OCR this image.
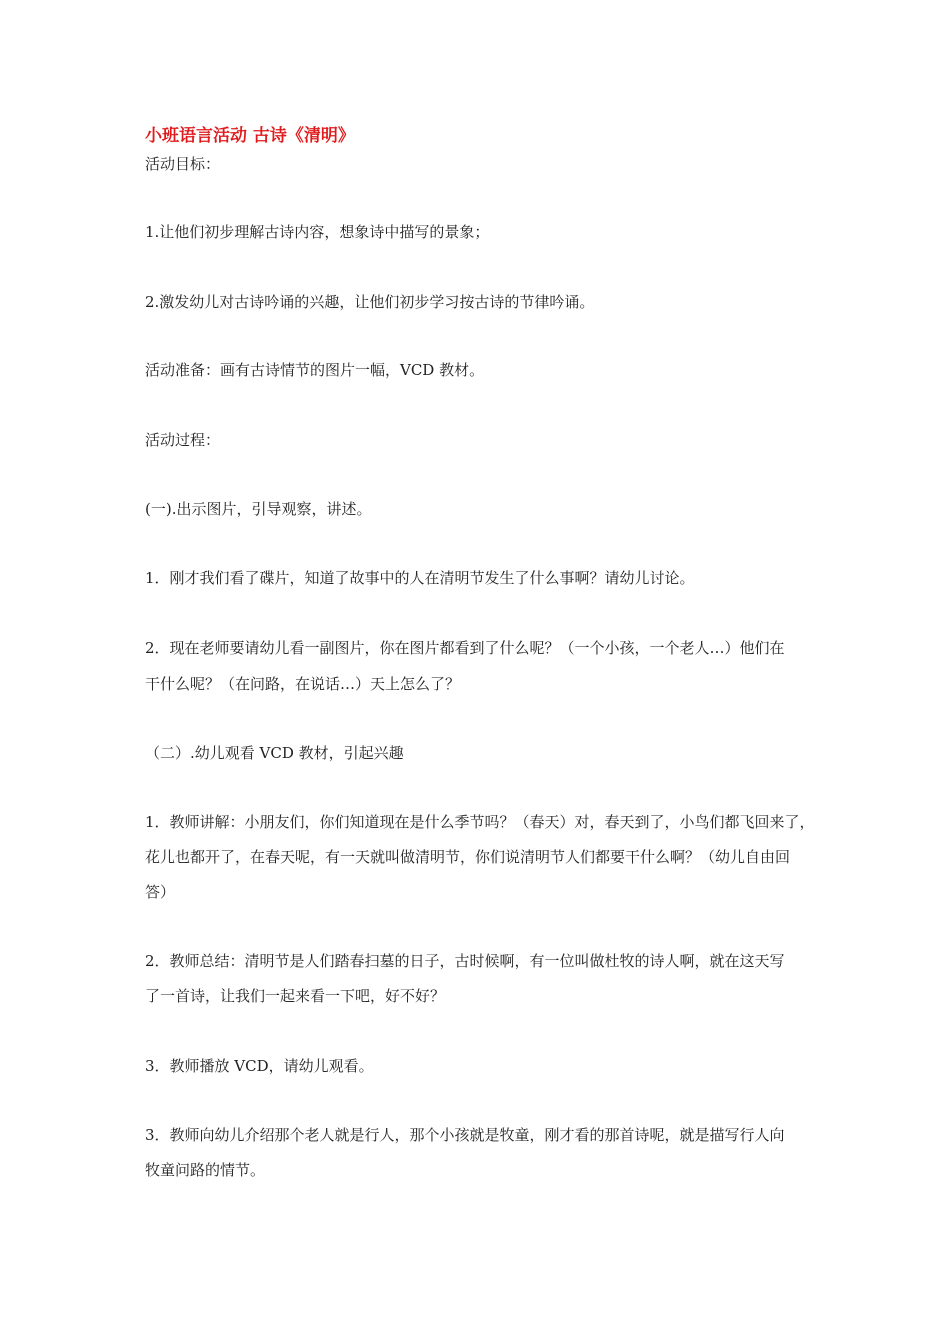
小班语言活动 古诗《清明》
活动目标：
1.让他们初步理解古诗内容，想象诗中描写的景象；
2.激发幼儿对古诗吟诵的兴趣，让他们初步学习按古诗的节律吟诵。
活动准备：画有古诗情节的图片一幅，VCD 教材。
活动过程：
(一).出示图片，引导观察，讲述。
1．刚才我们看了碟片，知道了故事中的人在清明节发生了什么事啊？请幼儿讨论。
2．现在老师要请幼儿看一副图片，你在图片都看到了什么呢？（一个小孩，一个老人…）他们在
干什么呢？（在问路，在说话…）天上怎么了？
（二）.幼儿观看 VCD 教材，引起兴趣
1．教师讲解：小朋友们，你们知道现在是什么季节吗？（春天）对，春天到了，小鸟们都飞回来了，
花儿也都开了，在春天呢，有一天就叫做清明节，你们说清明节人们都要干什么啊？（幼儿自由回
答）
2．教师总结：清明节是人们踏春扫墓的日子，古时候啊，有一位叫做杜牧的诗人啊，就在这天写
了一首诗，让我们一起来看一下吧，好不好？
3．教师播放 VCD，请幼儿观看。
3．教师向幼儿介绍那个老人就是行人，那个小孩就是牧童，刚才看的那首诗呢，就是描写行人向
牧童问路的情节。
